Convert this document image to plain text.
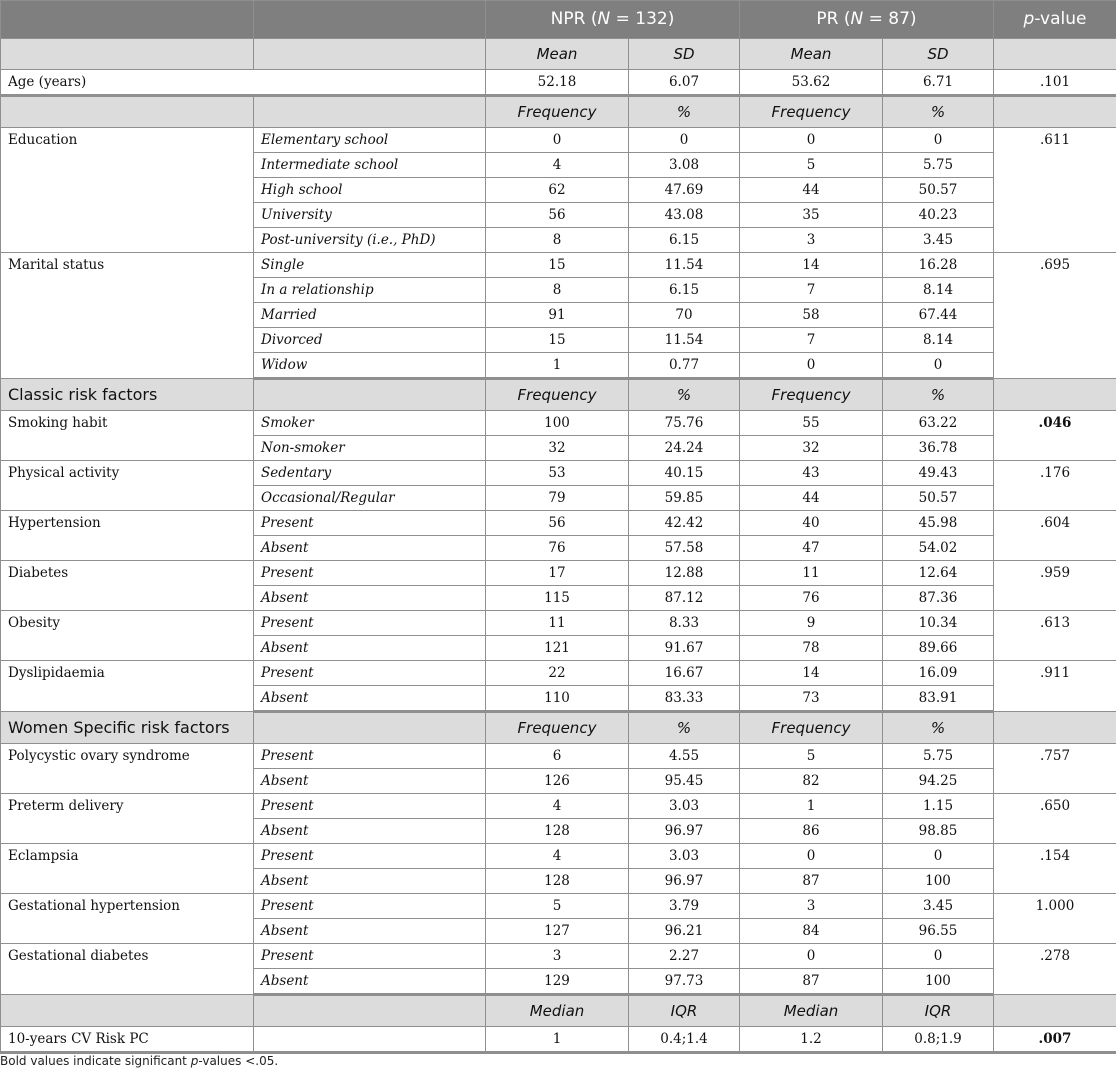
		NPR (N = 132)		PR (N = 87)		p-value
		Mean	SD	Mean	SD	
Age (years)		52.18	6.07	53.62	6.71	.101
		Frequency	%	Frequency	%	
Education	Elementary school	0	0	0	0	.611
	Intermediate school	4	3.08	5	5.75	
	High school	62	47.69	44	50.57	
	University	56	43.08	35	40.23	
	Post-university (i.e., PhD)	8	6.15	3	3.45	
Marital status	Single	15	11.54	14	16.28	.695
	In a relationship	8	6.15	7	8.14	
	Married	91	70	58	67.44	
	Divorced	15	11.54	7	8.14	
	Widow	1	0.77	0	0	
Classic risk factors		Frequency	%	Frequency	%	
Smoking habit	Smoker	100	75.76	55	63.22	.046
	Non-smoker	32	24.24	32	36.78	
Physical activity	Sedentary	53	40.15	43	49.43	.176
	Occasional/Regular	79	59.85	44	50.57	
Hypertension	Present	56	42.42	40	45.98	.604
	Absent	76	57.58	47	54.02	
Diabetes	Present	17	12.88	11	12.64	.959
	Absent	115	87.12	76	87.36	
Obesity	Present	11	8.33	9	10.34	.613
	Absent	121	91.67	78	89.66	
Dyslipidaemia	Present	22	16.67	14	16.09	.911
	Absent	110	83.33	73	83.91	
Women Specific risk factors		Frequency	%	Frequency	%	
Polycystic ovary syndrome	Present	6	4.55	5	5.75	.757
	Absent	126	95.45	82	94.25	
Preterm delivery	Present	4	3.03	1	1.15	.650
	Absent	128	96.97	86	98.85	
Eclampsia	Present	4	3.03	0	0	.154
	Absent	128	96.97	87	100	
Gestational hypertension	Present	5	3.79	3	3.45	1.000
	Absent	127	96.21	84	96.55	
Gestational diabetes	Present	3	2.27	0	0	.278
	Absent	129	97.73	87	100	
		Median	IQR	Median	IQR	
10-years CV Risk PC		1	0.4;1.4	1.2	0.8;1.9	.007
Bold values indicate significant p-values <.05.
